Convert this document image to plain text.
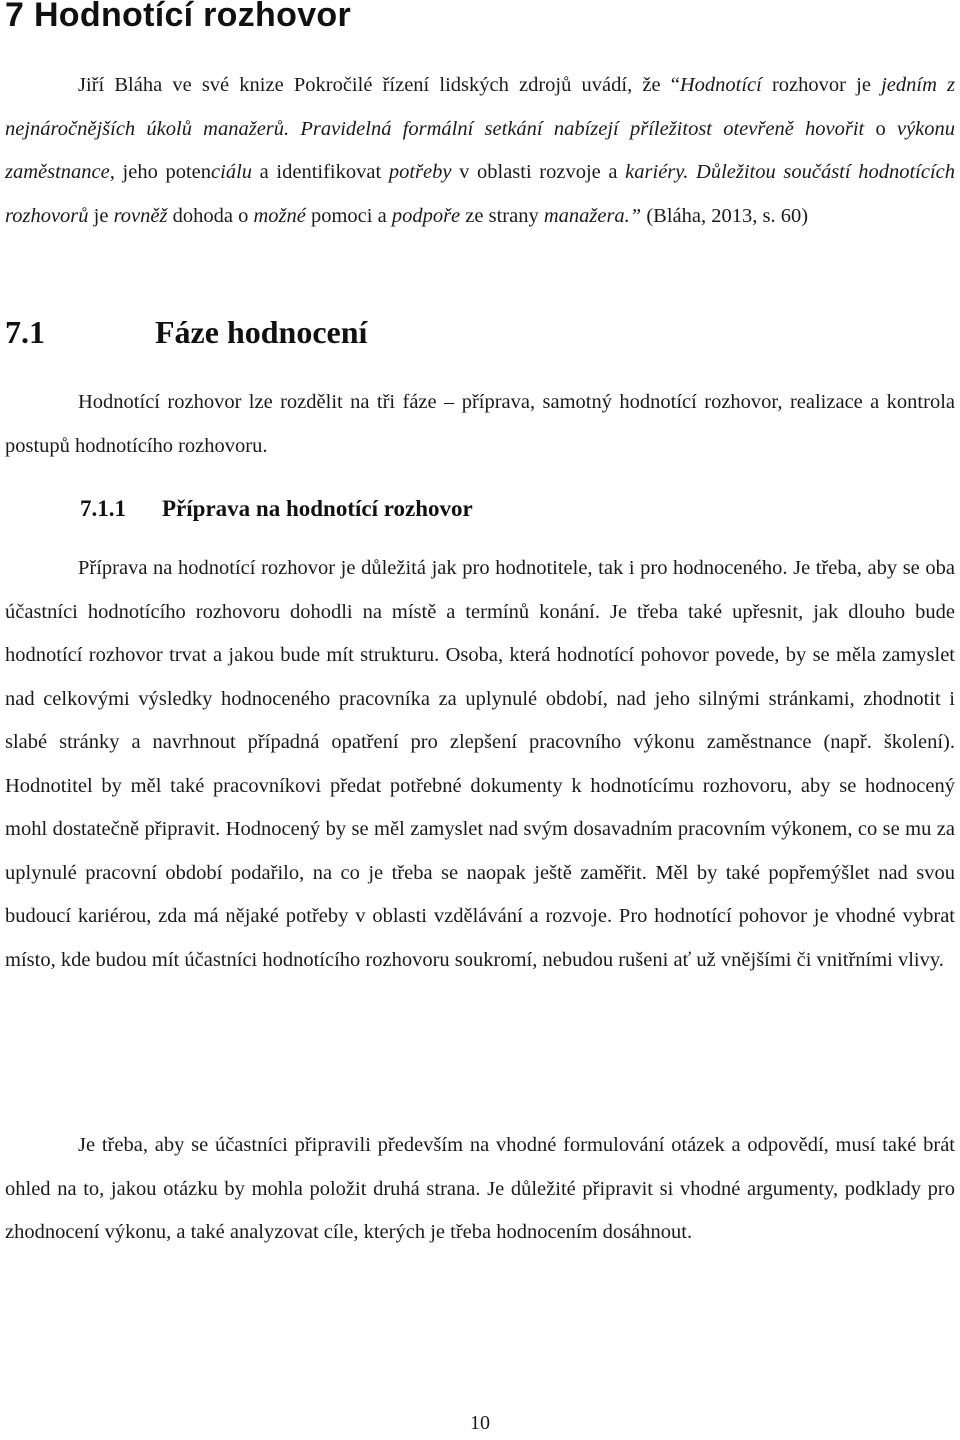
7 Hodnotící rozhovor

Jiří Bláha ve své knize Pokročilé řízení lidských zdrojů uvádí, že “Hodnotící rozhovor je jedním z nejnáročnějších úkolů manažerů. Pravidelná formální setkání nabízejí příležitost otevřeně hovořit o výkonu zaměstnance, jeho potenciálu a identifikovat potřeby v oblasti rozvoje a kariéry. Důležitou součástí hodnotících rozhovorů je rovněž dohoda o možné pomoci a podpoře ze strany manažera.” (Bláha, 2013, s. 60)

7.1	Fáze hodnocení

Hodnotící rozhovor lze rozdělit na tři fáze – příprava, samotný hodnotící rozhovor, realizace a kontrola postupů hodnotícího rozhovoru.

7.1.1 Příprava na hodnotící rozhovor

Příprava na hodnotící rozhovor je důležitá jak pro hodnotitele, tak i pro hodnoceného. Je třeba, aby se oba účastníci hodnotícího rozhovoru dohodli na místě a termínů konání. Je třeba také upřesnit, jak dlouho bude hodnotící rozhovor trvat a jakou bude mít strukturu. Osoba, která hodnotící pohovor povede, by se měla zamyslet nad celkovými výsledky hodnoceného pracovníka za uplynulé období, nad jeho silnými stránkami, zhodnotit i slabé stránky a navrhnout případná opatření pro zlepšení pracovního výkonu zaměstnance (např. školení). Hodnotitel by měl také pracovníkovi předat potřebné dokumenty k hodnotícímu rozhovoru, aby se hodnocený mohl dostatečně připravit. Hodnocený by se měl zamyslet nad svým dosavadním pracovním výkonem, co se mu za uplynulé pracovní období podařilo, na co je třeba se naopak ještě zaměřit. Měl by také popřemýšlet nad svou budoucí kariérou, zda má nějaké potřeby v oblasti vzdělávání a rozvoje. Pro hodnotící pohovor je vhodné vybrat místo, kde budou mít účastníci hodnotícího rozhovoru soukromí, nebudou rušeni ať už vnějšími či vnitřními vlivy.

Je třeba, aby se účastníci připravili především na vhodné formulování otázek a odpovědí, musí také brát ohled na to, jakou otázku by mohla položit druhá strana. Je důležité připravit si vhodné argumenty, podklady pro zhodnocení výkonu, a také analyzovat cíle, kterých je třeba hodnocením dosáhnout.

10
